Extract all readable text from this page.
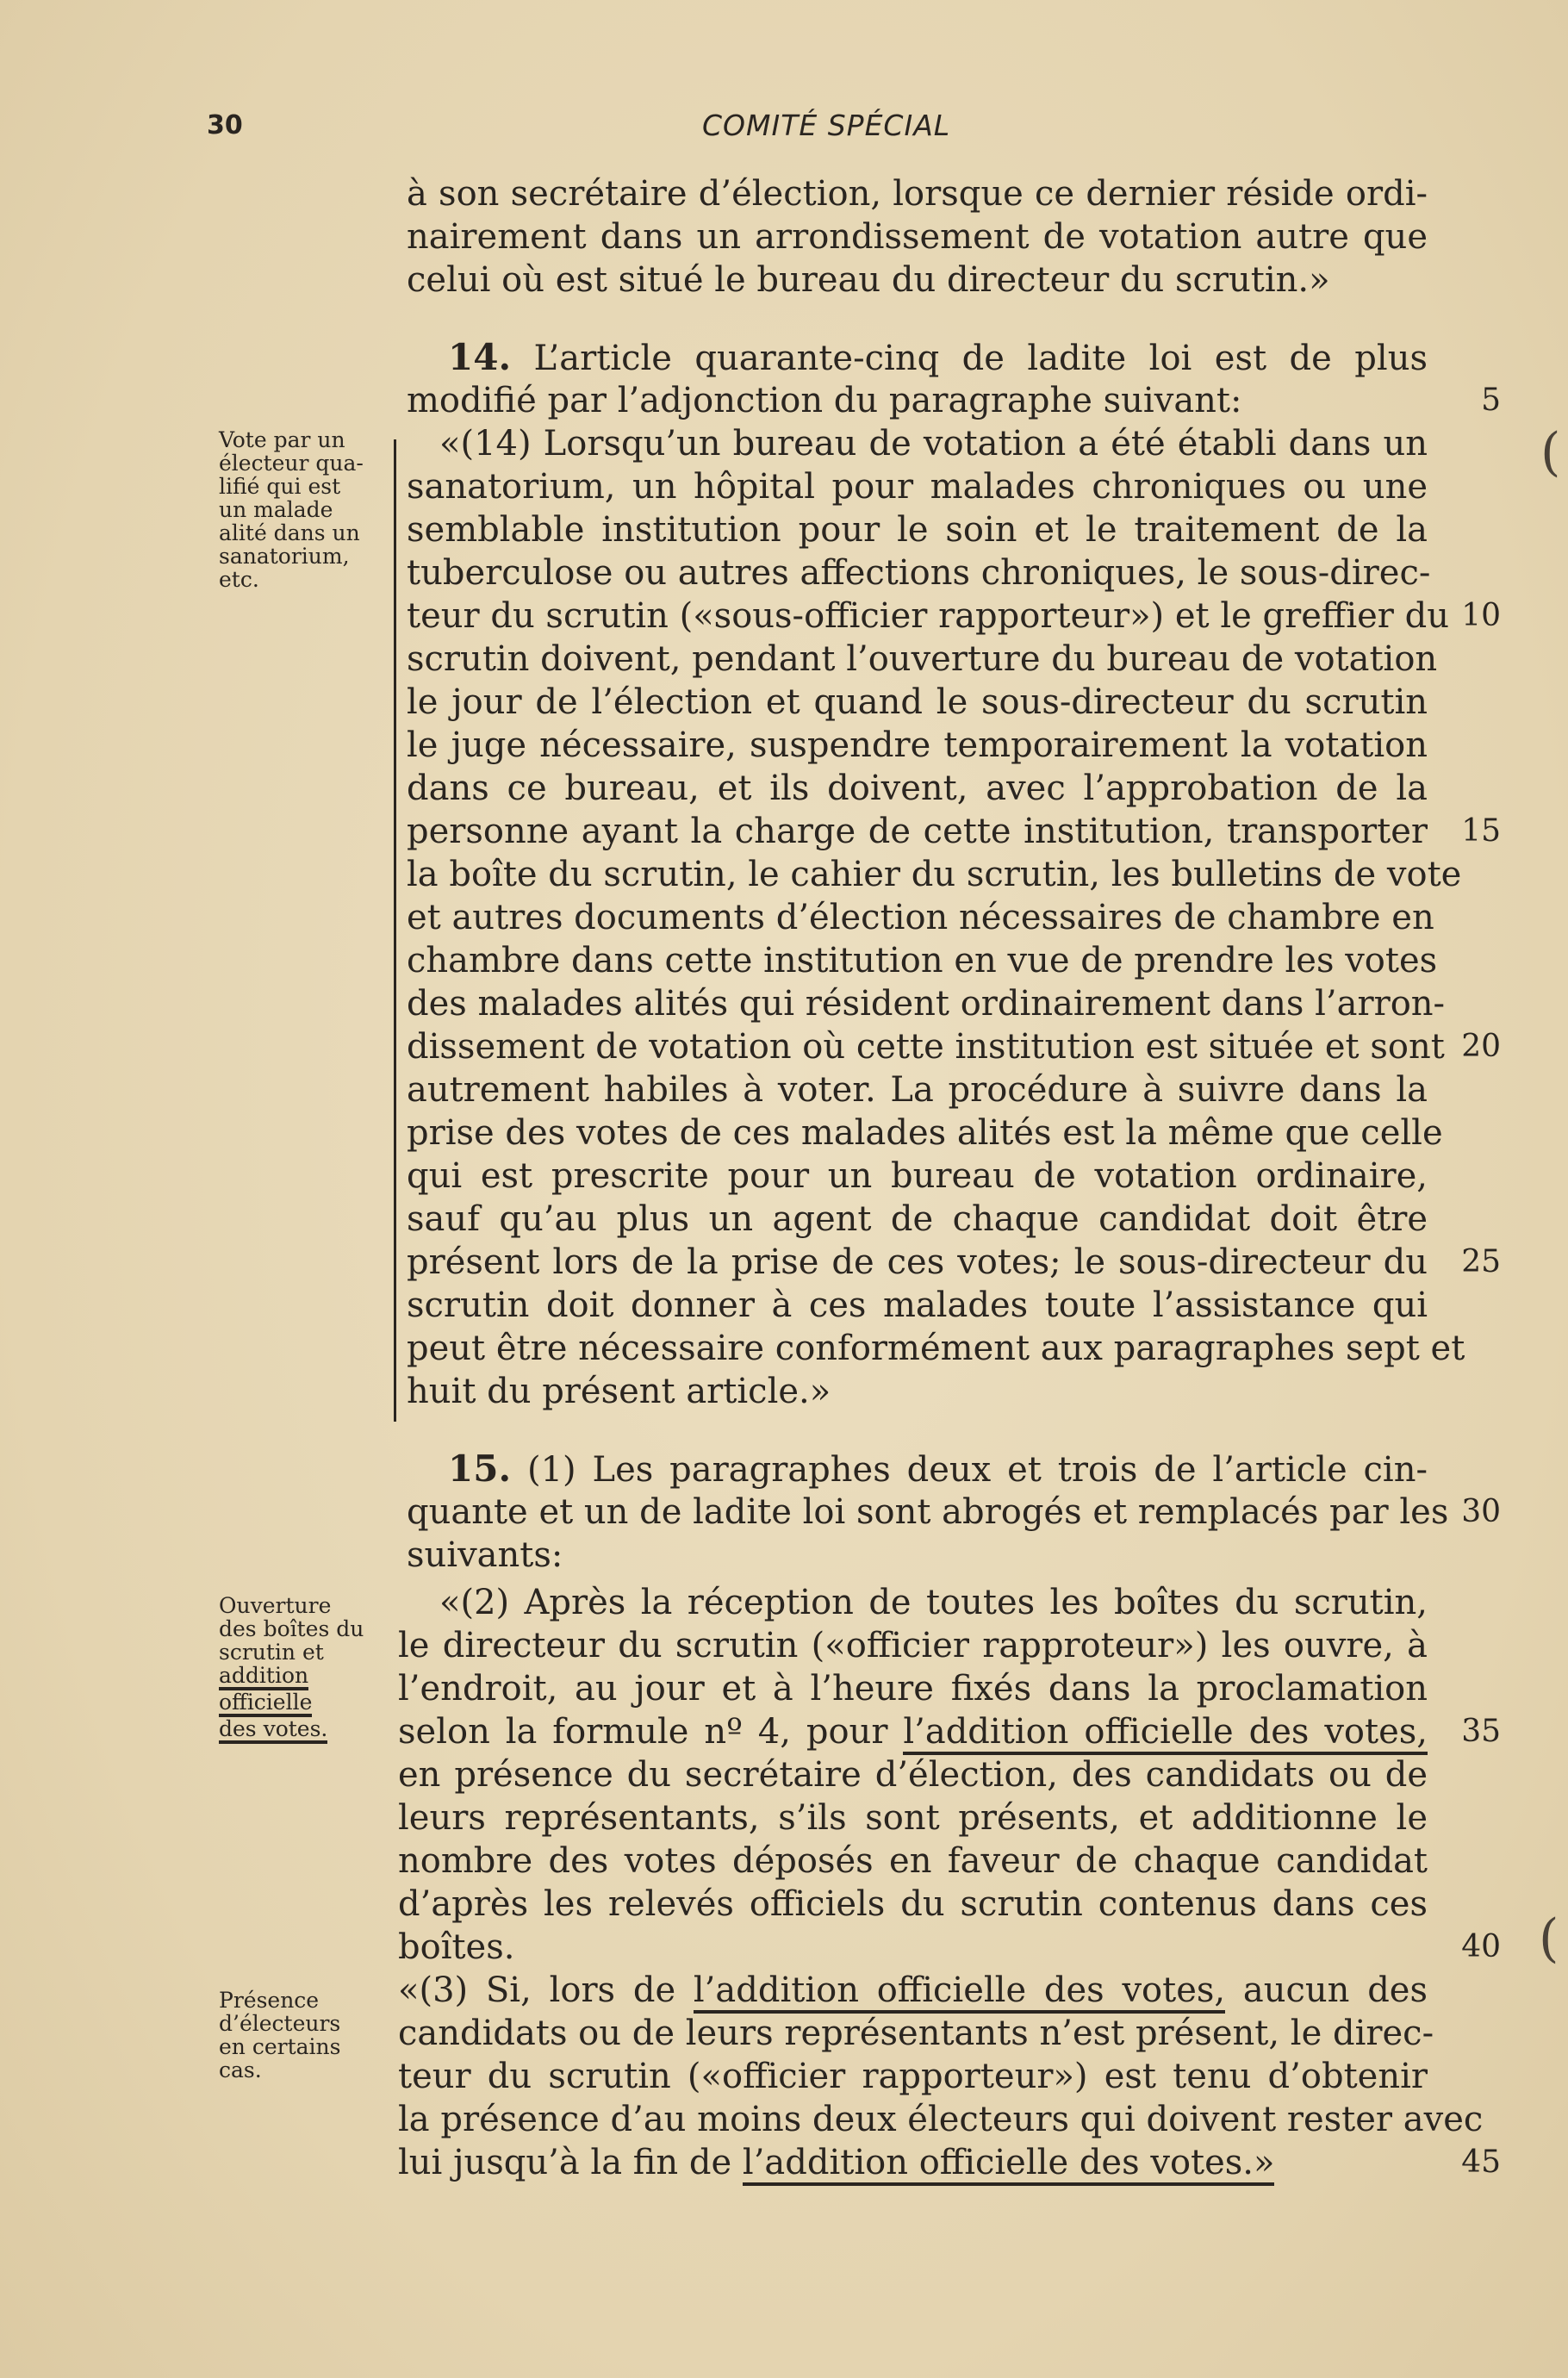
30	COMITÉ SPÉCIAL
à son secrétaire d’élection, lorsque ce dernier réside ordi-
nairement dans un arrondissement de votation autre que
celui où est situé le bureau du directeur du scrutin.»
14. L’article quarante-cinq de ladite loi est de plus
modifié par l’adjonction du paragraphe suivant:	5
«(14) Lorsqu’un bureau de votation a été établi dans un
sanatorium, un hôpital pour malades chroniques ou une
semblable institution pour le soin et le traitement de la
tuberculose ou autres affections chroniques, le sous-direc-
teur du scrutin («sous-officier rapporteur») et le greffier du 10
scrutin doivent, pendant l’ouverture du bureau de votation
le jour de l’élection et quand le sous-directeur du scrutin
le juge nécessaire, suspendre temporairement la votation
dans ce bureau, et ils doivent, avec l’approbation de la
personne ayant la charge de cette institution, transporter	15
la boîte du scrutin, le cahier du scrutin, les bulletins de vote
et autres documents d’élection nécessaires de chambre en
chambre dans cette institution en vue de prendre les votes
des malades alités qui résident ordinairement dans l’arron-
dissement de votation où cette institution est située et sont 20
autrement habiles à voter. La procédure à suivre dans la
prise des votes de ces malades alités est la même que celle
qui est prescrite pour un bureau de votation ordinaire,
sauf qu’au plus un agent de chaque candidat doit être
présent lors de la prise de ces votes; le sous-directeur du	25
scrutin doit donner à ces malades toute l’assistance qui
peut être nécessaire conformément aux paragraphes sept et
huit du présent article.»
15. (1) Les paragraphes deux et trois de l’article cin-
quante et un de ladite loi sont abrogés et remplacés par les 30
suivants:
«(2) Après la réception de toutes les boîtes du scrutin,
le directeur du scrutin («officier rapproteur») les ouvre, à
l’endroit, au jour et à l’heure fixés dans la proclamation
selon la formule nº 4, pour l’addition officielle des votes,	35
en présence du secrétaire d’élection, des candidats ou de
leurs représentants, s’ils sont présents, et additionne le
nombre des votes déposés en faveur de chaque candidat
d’après les relevés officiels du scrutin contenus dans ces
boîtes.	40
«(3) Si, lors de l’addition officielle des votes, aucun des
candidats ou de leurs représentants n’est présent, le direc-
teur du scrutin («officier rapporteur») est tenu d’obtenir
la présence d’au moins deux électeurs qui doivent rester avec
lui jusqu’à la fin de l’addition officielle des votes.»	45
Vote par un
électeur qua-
lifié qui est
un malade
alité dans un
sanatorium,
etc.
Ouverture
des boîtes du
scrutin et
addition
officielle
des votes.
Présence
d’électeurs
en certains
cas.
(
(
